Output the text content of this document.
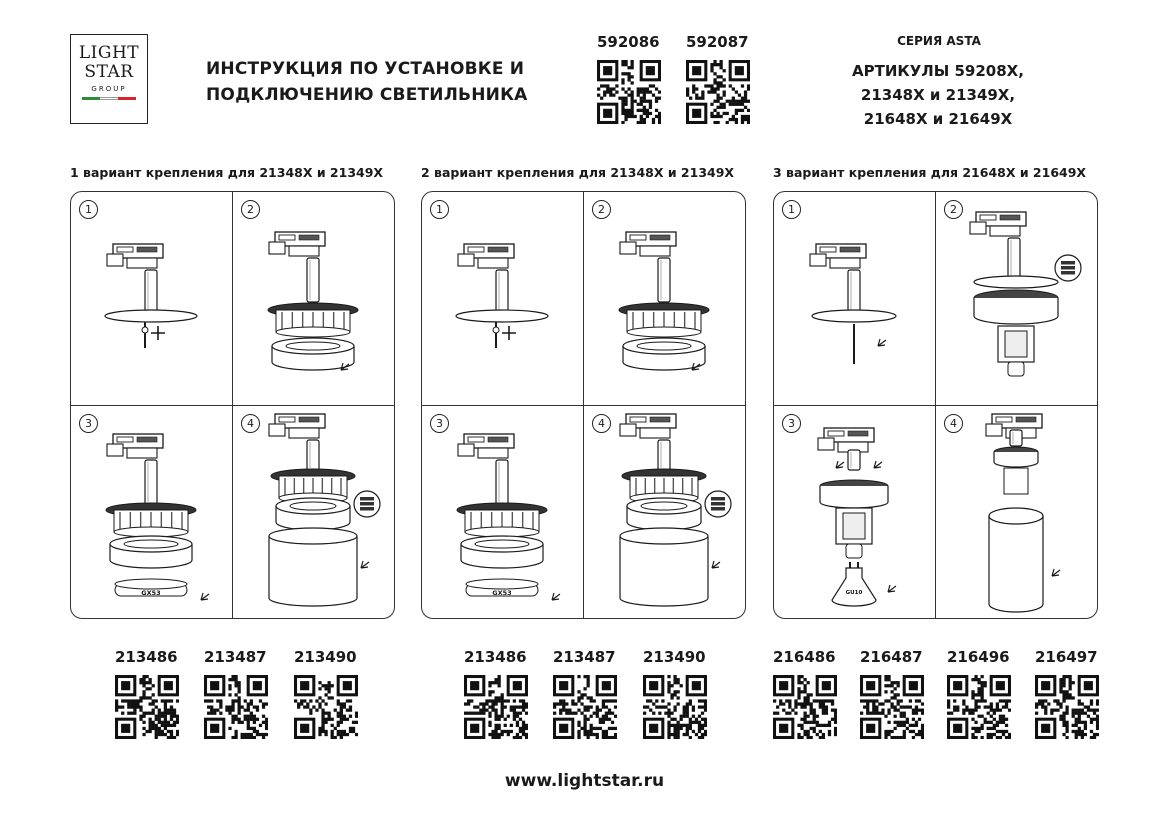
LIGHT
STAR
GROUP
ИНСТРУКЦИЯ ПО УСТАНОВКЕ И
ПОДКЛЮЧЕНИЮ СВЕТИЛЬНИКА
592086 592087	СЕРИЯ ASTA
АРТИКУЛЫ 59208Х,
21348Х и 21349Х,
21648Х и 21649Х
1 вариант крепления для 21348Х и 21349Х	2 вариант крепления для 21348Х и 21349Х	3 вариант крепления для 21648Х и 21649Х
1	2
GX53
3	4
1	2
GX53
3	4
1	2
GU10
3	4
213486 213487 213490	213486 213487 213490	216486 216487 216496 216497
www.lightstar.ru
